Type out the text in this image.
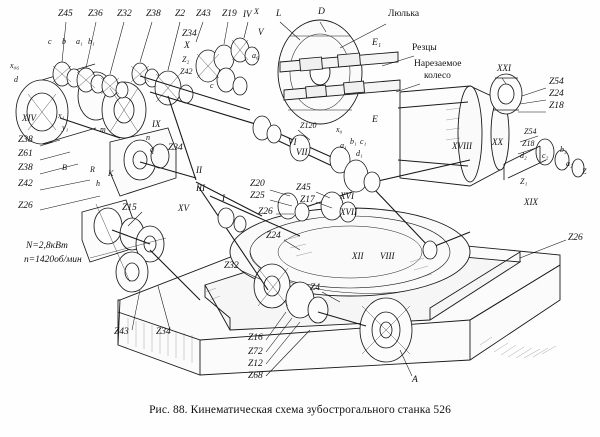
Люлька
Резцы
Нарезаемое
колесо
N=2,8кВт
n=1420об/мин
Z45 Z36 Z32 Z38 Z2 Z43 Z19 IV X L	D
Z34
X
V
E₁
XXI
Z54
Z24
Z18
c b a₁ b₁
x₀₆
d
Z₂
Z42
a₆
c
XIV	x₁
y₁	IX
n
q
m
Z38
Z61
Z38
Z42
Z26
B	R K
h
Z34
II
III
Z15	XV
I
Z120
VI
VII
x₀
b₁ c₁
a₁
d₁
E
XVIII XX
Z54
Z18
d₂ c₂
b₂
a₂
Z
Z₁
XIX
Z20
Z25
Z26
Z45
Z17	XVI
XVII
XII VIII
Z24
Z32
Z4
Z26
A
Z43	Z34
Z16
Z72
Z12
Z68
Рис. 88. Кинематическая схема зубострогального станка 526
